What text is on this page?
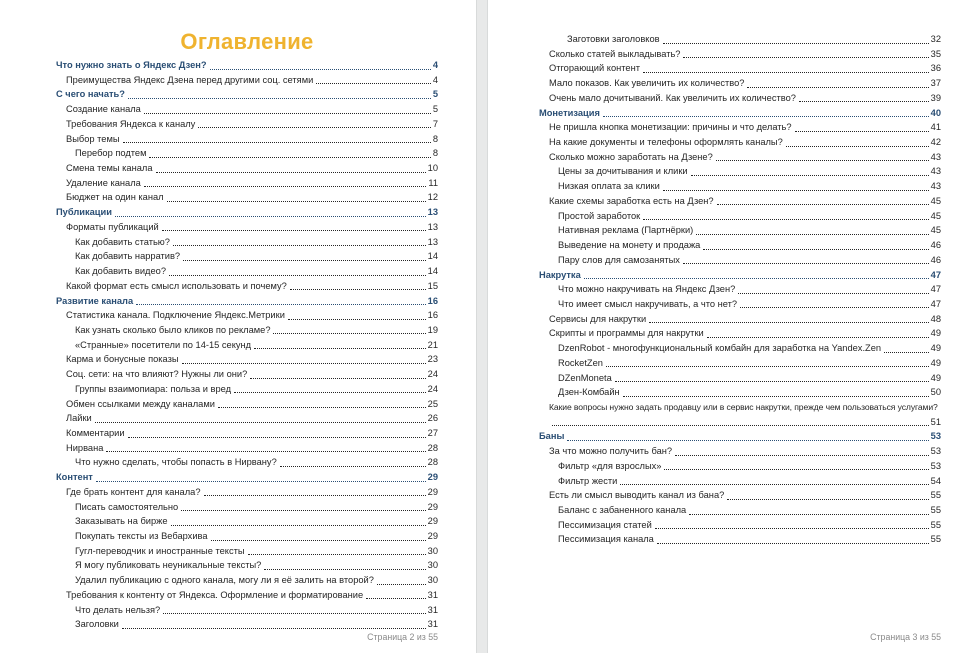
Оглавление
Что нужно знать о Яндекс Дзен?	4
Преимущества Яндекс Дзена перед другими соц. сетями	4
С чего начать?	5
Создание канала	5
Требования Яндекса к каналу	7
Выбор темы	8
Перебор подтем	8
Смена темы канала	10
Удаление канала	11
Бюджет на один канал	12
Публикации	13
Форматы публикаций	13
Как добавить статью?	13
Как добавить нарратив?	14
Как добавить видео?	14
Какой формат есть смысл использовать и почему?	15
Развитие канала	16
Статистика канала. Подключение Яндекс.Метрики	16
Как узнать сколько было кликов по рекламе?	19
«Странные» посетители по 14-15 секунд	21
Карма и бонусные показы	23
Соц. сети: на что влияют? Нужны ли они?	24
Группы взаимопиара: польза и вред	24
Обмен ссылками между каналами	25
Лайки	26
Комментарии	27
Нирвана	28
Что нужно сделать, чтобы попасть в Нирвану?	28
Контент	29
Где брать контент для канала?	29
Писать самостоятельно	29
Заказывать на бирже	29
Покупать тексты из Вебархива	29
Гугл-переводчик и иностранные тексты	30
Я могу публиковать неуникальные тексты?	30
Удалил публикацию с одного канала, могу ли я её залить на второй?	30
Требования к контенту от Яндекса. Оформление и форматирование	31
Что делать нельзя?	31
Заголовки	31
Страница 2 из 55
Заготовки заголовков	32
Сколько статей выкладывать?	35
Отгорающий контент	36
Мало показов. Как увеличить их количество?	37
Очень мало дочитываний. Как увеличить их количество?	39
Монетизация	40
Не пришла кнопка монетизации: причины и что делать?	41
На какие документы и телефоны оформлять каналы?	42
Сколько можно заработать на Дзене?	43
Цены за дочитывания и клики	43
Низкая оплата за клики	43
Какие схемы заработка есть на Дзен?	45
Простой заработок	45
Нативная реклама (Партнёрки)	45
Выведение на монету и продажа	46
Пару слов для самозанятых	46
Накрутка	47
Что можно накручивать на Яндекс Дзен?	47
Что имеет смысл накручивать, а что нет?	47
Сервисы для накрутки	48
Скрипты и программы для накрутки	49
DzenRobot - многофункциональный комбайн для заработка на Yandex.Zen	49
RocketZen	49
DZenMoneta	49
Дзен-Комбайн	50
Какие вопросы нужно задать продавцу или в сервис накрутки, прежде чем пользоваться услугами?
51
Баны	53
За что можно получить бан?	53
Фильтр «для взрослых»	53
Фильтр жести	54
Есть ли смысл выводить канал из бана?	55
Баланс с забаненного канала	55
Пессимизация статей	55
Пессимизация канала	55
Страница 3 из 55
